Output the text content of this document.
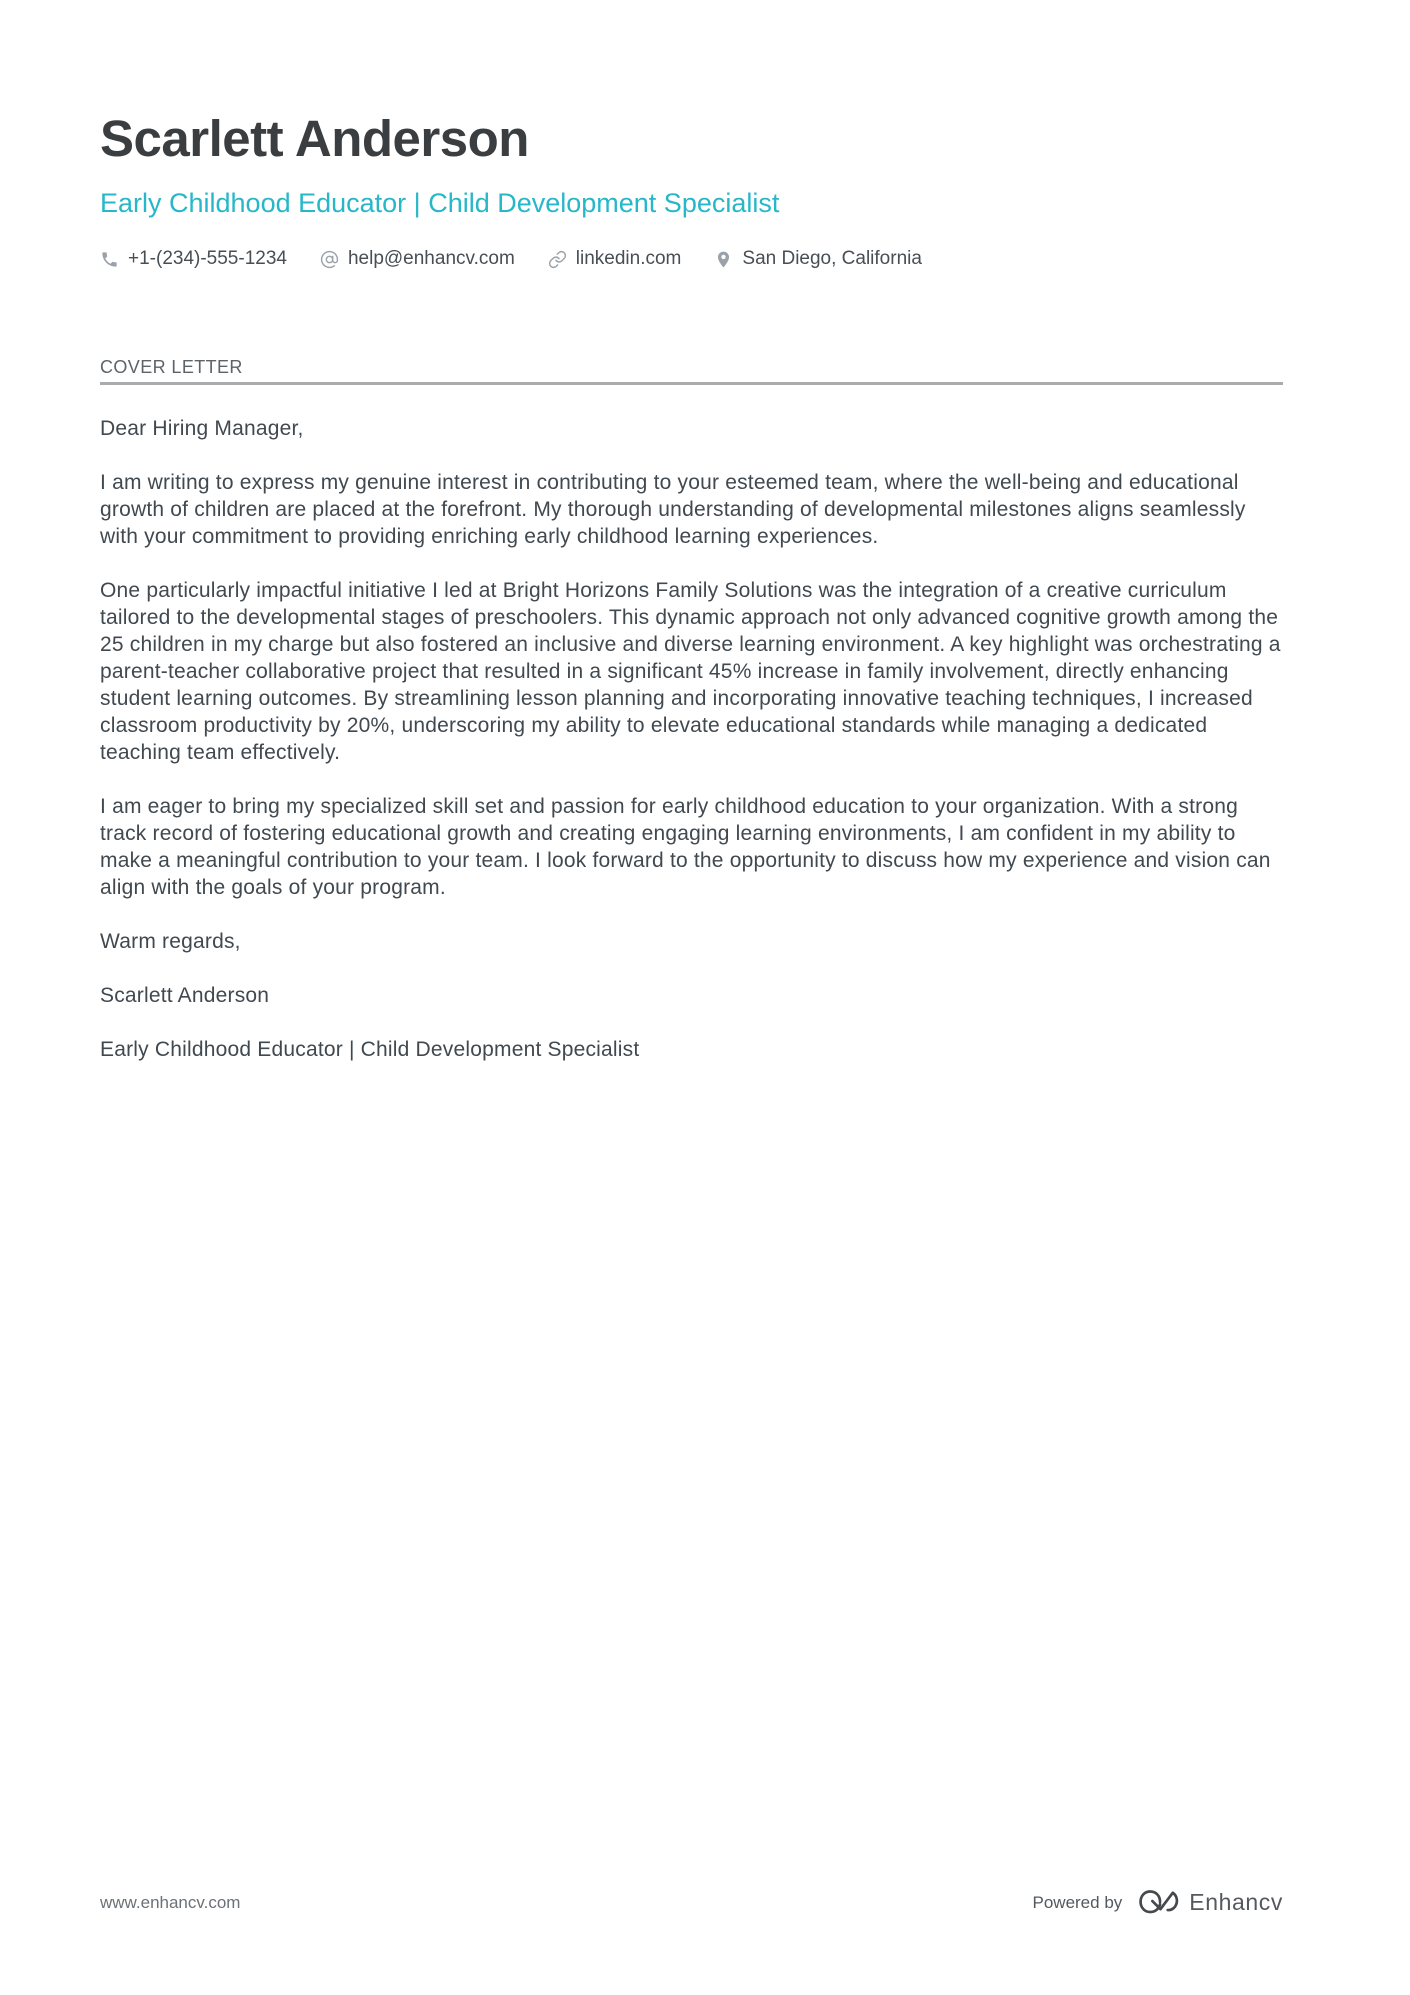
Scarlett Anderson
Early Childhood Educator | Child Development Specialist
+1-(234)-555-1234	help@enhancv.com	linkedin.com	San Diego, California
COVER LETTER

Dear Hiring Manager,

I am writing to express my genuine interest in contributing to your esteemed team, where the well-being and educational growth of children are placed at the forefront. My thorough understanding of developmental milestones aligns seamlessly with your commitment to providing enriching early childhood learning experiences.

One particularly impactful initiative I led at Bright Horizons Family Solutions was the integration of a creative curriculum tailored to the developmental stages of preschoolers. This dynamic approach not only advanced cognitive growth among the 25 children in my charge but also fostered an inclusive and diverse learning environment. A key highlight was orchestrating a parent-teacher collaborative project that resulted in a significant 45% increase in family involvement, directly enhancing student learning outcomes. By streamlining lesson planning and incorporating innovative teaching techniques, I increased classroom productivity by 20%, underscoring my ability to elevate educational standards while managing a dedicated teaching team effectively.

I am eager to bring my specialized skill set and passion for early childhood education to your organization. With a strong track record of fostering educational growth and creating engaging learning environments, I am confident in my ability to make a meaningful contribution to your team. I look forward to the opportunity to discuss how my experience and vision can align with the goals of your program.

Warm regards,

Scarlett Anderson

Early Childhood Educator | Child Development Specialist

www.enhancv.com	Powered by	Enhancv
